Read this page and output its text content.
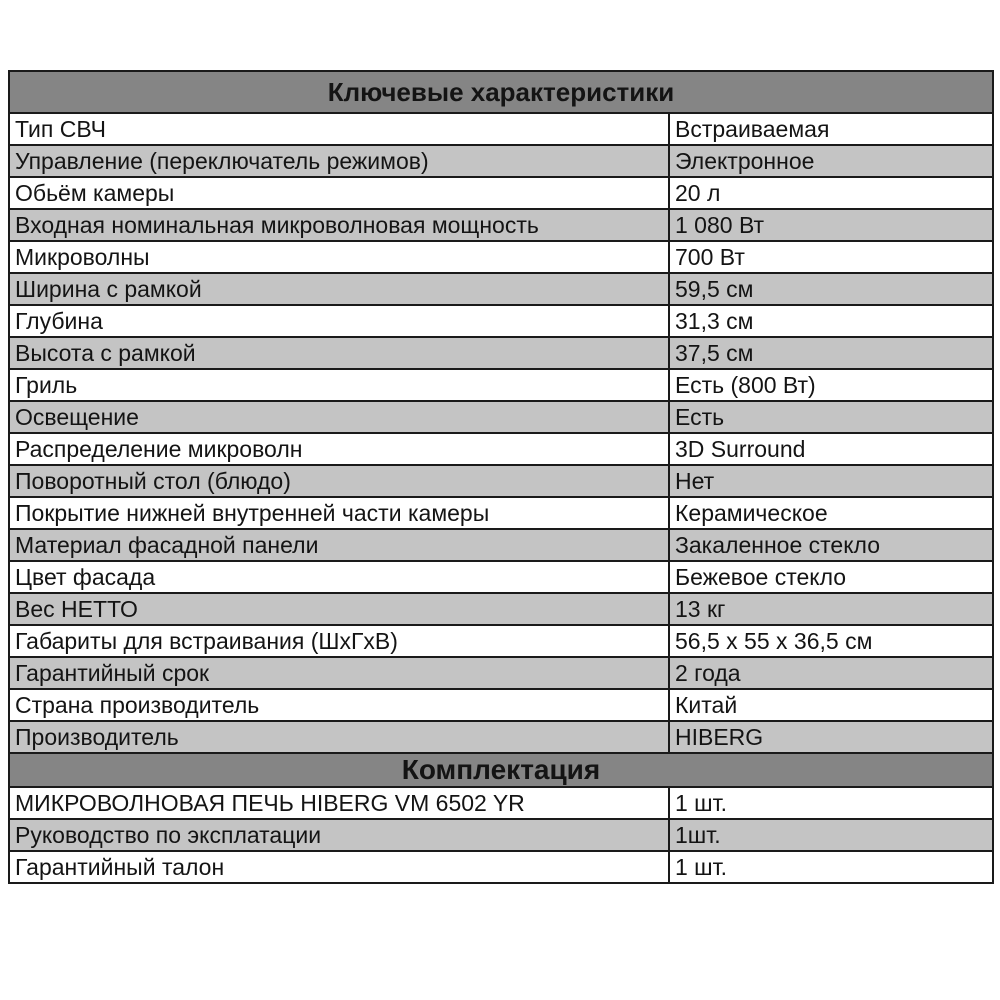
Ключевые характеристики	
Тип СВЧ	Встраиваемая
Управление (переключатель режимов)	Электронное
Обьём камеры	20 л
Входная номинальная микроволновая мощность	1 080 Вт
Микроволны	700 Вт
Ширина с рамкой	59,5 см
Глубина	31,3 см
Высота с рамкой	37,5 см
Гриль	Есть (800 Вт)
Освещение	Есть
Распределение микроволн	3D Surround
Поворотный стол (блюдо)	Нет
Покрытие нижней внутренней части камеры	Керамическое
Материал фасадной панели	Закаленное стекло
Цвет фасада	Бежевое стекло
Вес НЕТТО	13 кг
Габариты для встраивания (ШхГхВ)	56,5 х 55 х 36,5 см
Гарантийный срок	2 года
Страна производитель	Китай
Производитель	HIBERG
Комплектация	
МИКРОВОЛНОВАЯ ПЕЧЬ HIBERG VM 6502 YR	1 шт.
Руководство по эксплатации	1шт.
Гарантийный талон	1 шт.
